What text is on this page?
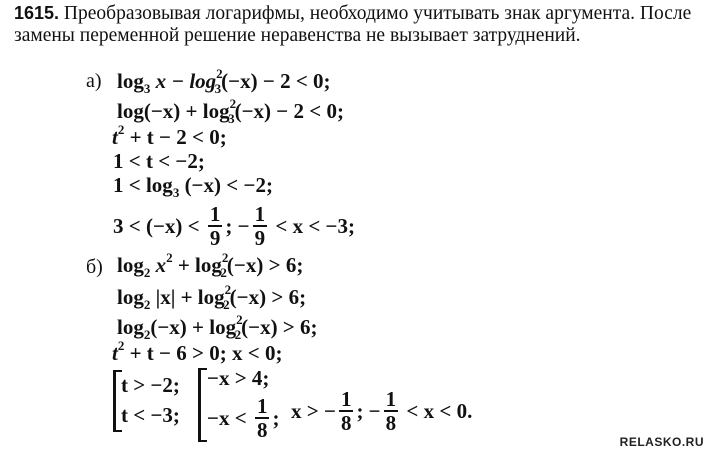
1615. Преобразовывая логарифмы, необходимо учитывать знак аргумента. После замены переменной решение неравенства не вызывает затруднений.
а) $\log_3 x - \log^2_3(-x) - 2 < 0$;
$\log(-x) + \log^2_3(-x) - 2 < 0$;
$t^2 + t - 2 < 0$;
1 < t < −2;
$1 < \log_3 (-x) < -2$;
$3 < (-x) < \frac{1}{9}$ ; − $\frac{1}{9} < x < -3$;
б) $\log_2 x^2 + \log^2_2(-x) > 6$;
$\log_2 |x| + \log^2_2(-x) > 6$;
$\log_2(-x) + \log^2_2(-x) > 6$;
$t^2 + t - 6 > 0$; x < 0;
t > −2;
t < −3;
−x > 4;
$-x < \frac{1}{8}$ ; x > − $\frac{1}{8}$ ; − $\frac{1}{8} < x < 0$.
RELASKO.RU
